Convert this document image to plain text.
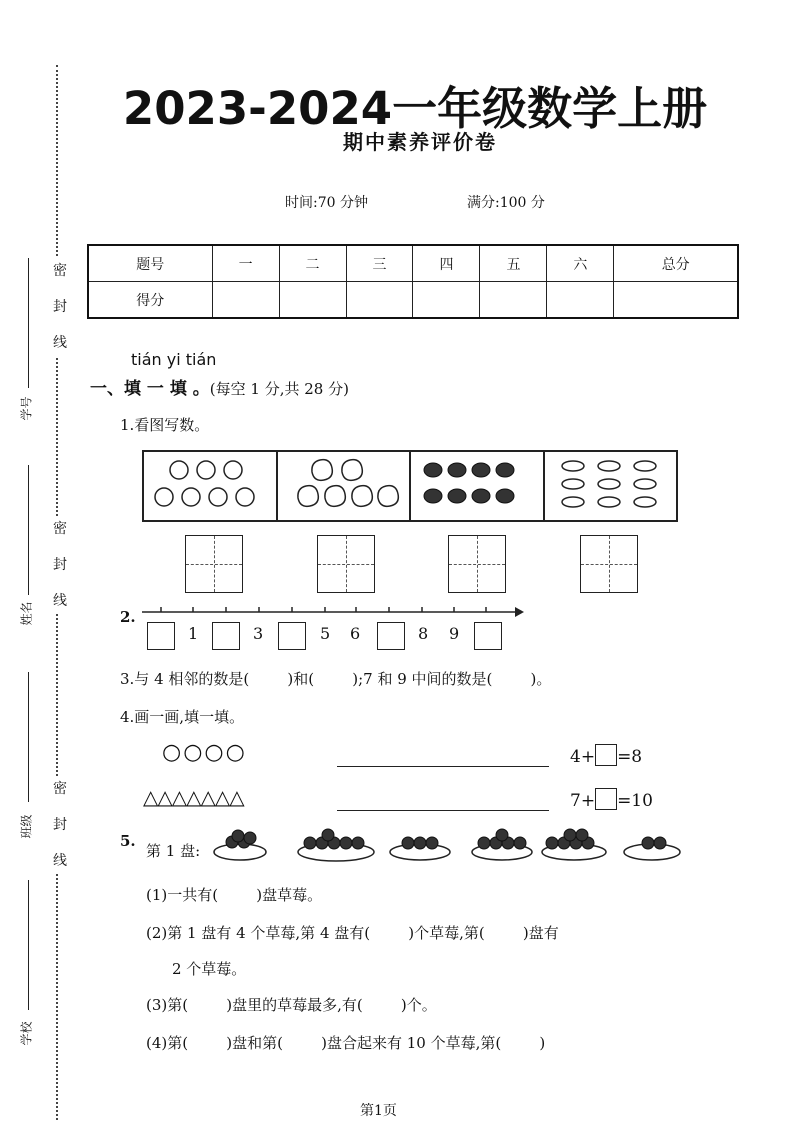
密
封
线
密
封
线
密
封
线
学号
姓名
班级
学校
2023-2024一年级数学上册
期中素养评价卷
时间:70 分钟	满分:100 分
题号	一	二	三	四	五	六	总分
得分							
tián yi tián
一、填 一 填 。(每空 1 分,共 28 分)
1.看图写数。
2.
1	3	5 6	8 9
3.与 4 相邻的数是(        )和(        );7 和 9 中间的数是(        )。
4.画一画,填一填。
○○○○	4+ =8
△△△△△△△	7+ =10
5.
第 1 盘:
(1)一共有(        )盘草莓。
(2)第 1 盘有 4 个草莓,第 4 盘有(        )个草莓,第(        )盘有
2 个草莓。
(3)第(        )盘里的草莓最多,有(        )个。
(4)第(        )盘和第(        )盘合起来有 10 个草莓,第(        )
第1页
